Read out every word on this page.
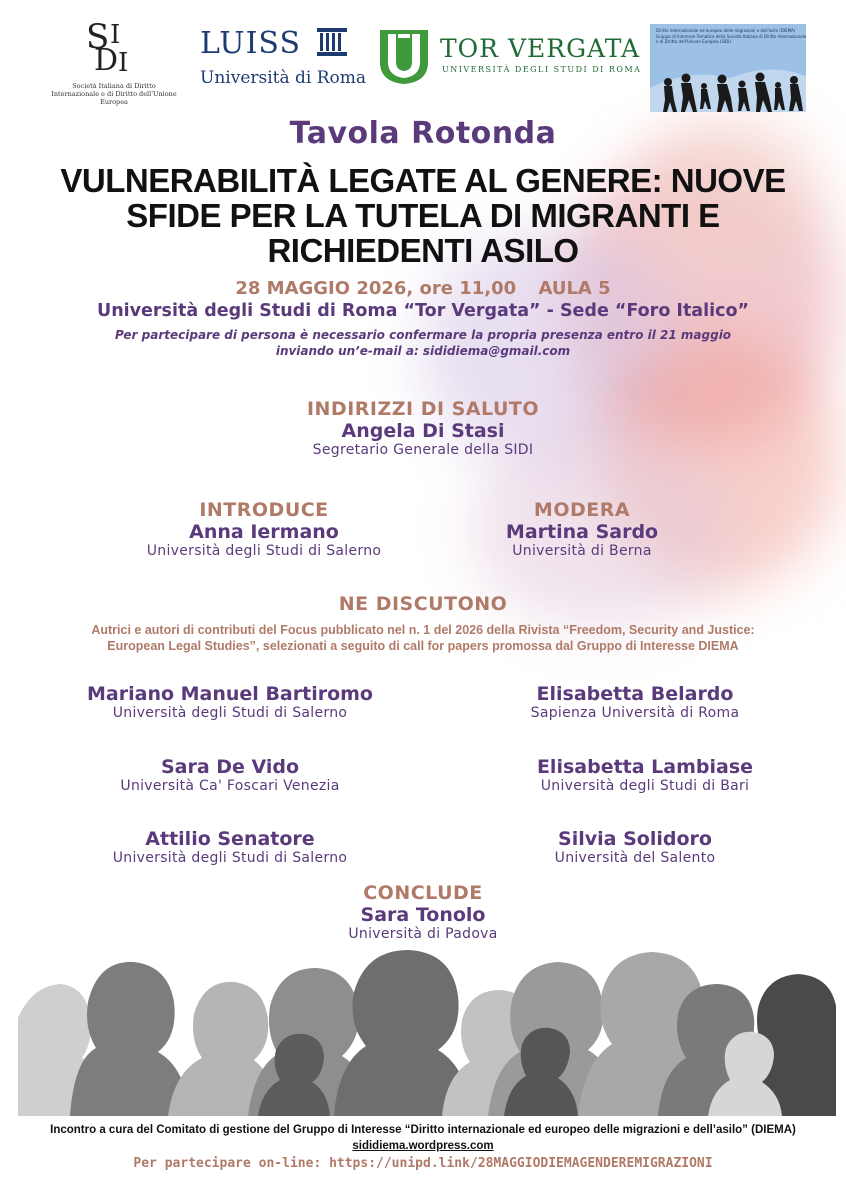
S I
D I
Società Italiana di Diritto Internazionale e di Diritto dell'Unione Europea
LUISS
Università di Roma
TOR VERGATA
UNIVERSITÀ DEGLI STUDI DI ROMA
Diritto internazionale ed europeo delle migrazioni e dell'asilo (DIEMA)
Gruppo di Interesse Tematico della Società Italiana di Diritto Internazionale
e di Diritto dell'Unione Europea (SIDI)
Tavola Rotonda
VULNERABILITÀ LEGATE AL GENERE: NUOVE SFIDE PER LA TUTELA DI MIGRANTI E RICHIEDENTI ASILO
28 MAGGIO 2026, ore 11,00 AULA 5
Università degli Studi di Roma “Tor Vergata” - Sede “Foro Italico”
Per partecipare di persona è necessario confermare la propria presenza entro il 21 maggio
inviando un’e-mail a: sididiema@gmail.com
INDIRIZZI DI SALUTO
Angela Di Stasi
Segretario Generale della SIDI
INTRODUCE
Anna Iermano
Università degli Studi di Salerno
MODERA
Martina Sardo
Università di Berna
NE DISCUTONO
Autrici e autori di contributi del Focus pubblicato nel n. 1 del 2026 della Rivista “Freedom, Security and Justice:
European Legal Studies”, selezionati a seguito di call for papers promossa dal Gruppo di Interesse DIEMA
Mariano Manuel Bartiromo
Università degli Studi di Salerno
Elisabetta Belardo
Sapienza Università di Roma
Sara De Vido
Università Ca' Foscari Venezia
Elisabetta Lambiase
Università degli Studi di Bari
Attilio Senatore
Università degli Studi di Salerno
Silvia Solidoro
Università del Salento
CONCLUDE
Sara Tonolo
Università di Padova
Incontro a cura del Comitato di gestione del Gruppo di Interesse “Diritto internazionale ed europeo delle migrazioni e dell’asilo” (DIEMA)
sididiema.wordpress.com
Per partecipare on-line: https://unipd.link/28MAGGIODIEMAGENDEREMIGRAZIONI
